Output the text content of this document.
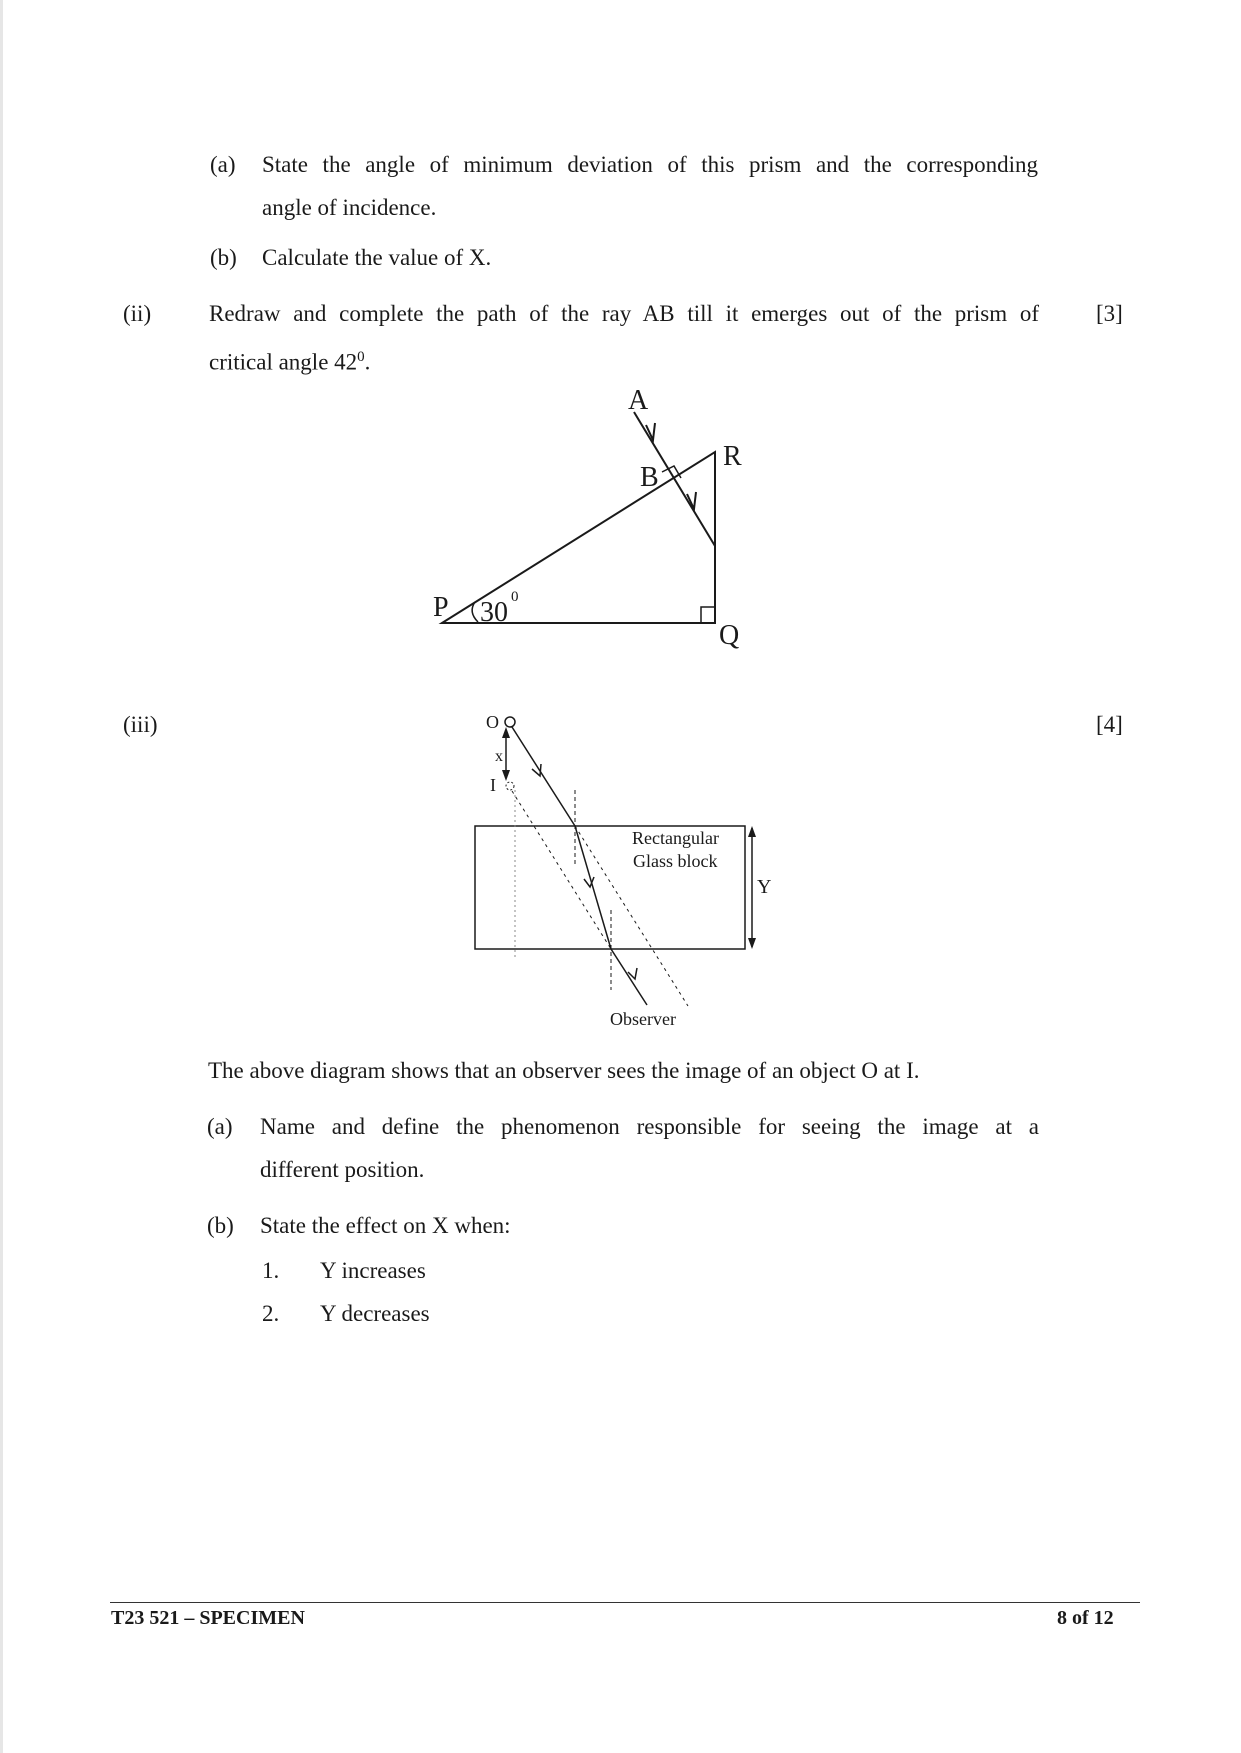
(a) State the angle of minimum deviation of this prism and the corresponding
angle of incidence.
(b) Calculate the value of X.
(ii)	Redraw and complete the path of the ray AB till it emerges out of the prism of [3]
critical angle $42^0$.
A
B
R
P
Q
30 0
(iii)	[4]
Rectangular
Glass block
Y
O
I
x
Observer
The above diagram shows that an observer sees the image of an object O at I.
(a) Name and define the phenomenon responsible for seeing the image at a
different position.
(b) State the effect on X when:
1. Y increases
2. Y decreases
T23 521 – SPECIMEN	8 of 12
